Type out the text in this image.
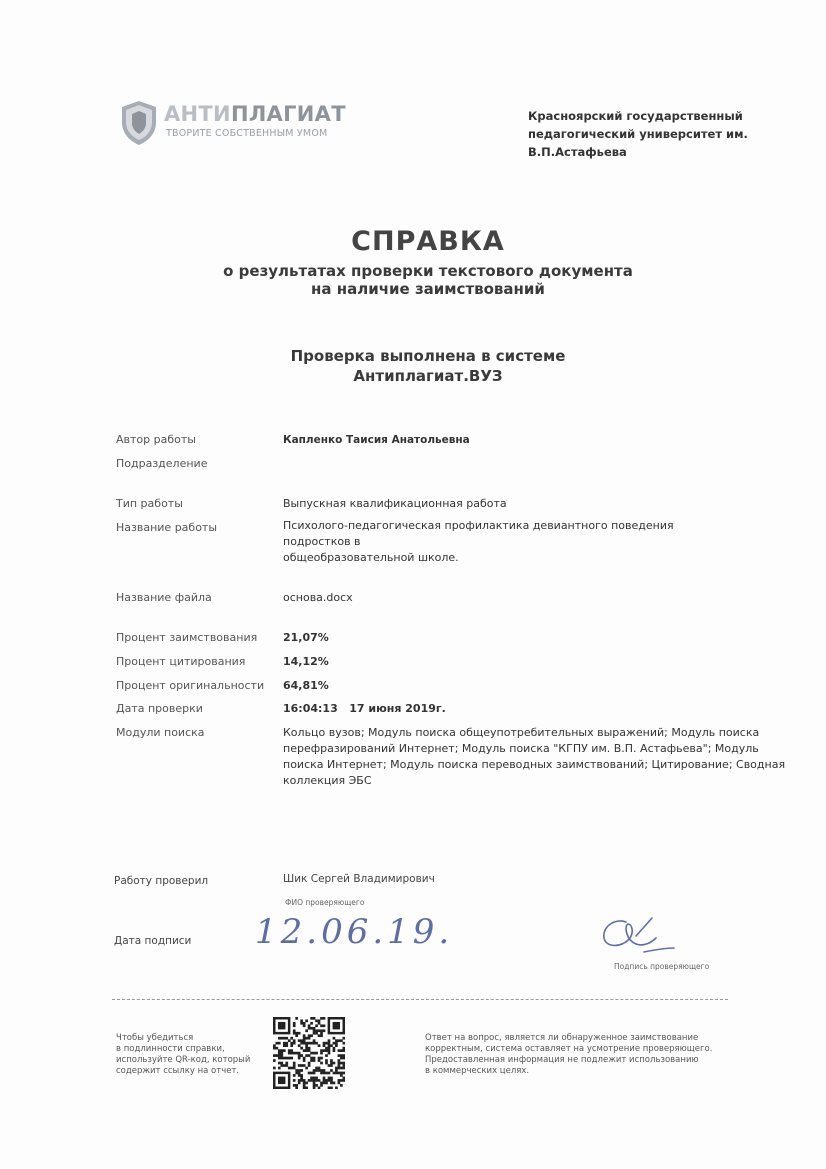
АНТИПЛАГИАТ
ТВОРИТЕ СОБСТВЕННЫМ УМОМ
Красноярский государственный
педагогический университет им.
В.П.Астафьева
СПРАВКА
о результатах проверки текстового документа
на наличие заимствований
Проверка выполнена в системе
Антиплагиат.ВУЗ
Автор работы	Капленко Таисия Анатольевна
Подразделение
Тип работы	Выпускная квалификационная работа
Название работы	Психолого-педагогическая профилактика девиантного поведения подростков в
общеобразовательной школе.
Название файла	основа.docx
Процент заимствования 21,07%
Процент цитирования	14,12%
Процент оригинальности 64,81%
Дата проверки	16:04:13 17 июня 2019г.
Модули поиска	Кольцо вузов; Модуль поиска общеупотребительных выражений; Модуль поиска
перефразирований Интернет; Модуль поиска "КГПУ им. В.П. Астафьева"; Модуль
поиска Интернет; Модуль поиска переводных заимствований; Цитирование; Сводная
коллекция ЭБС
Работу проверил	Шик Сергей Владимирович
ФИО проверяющего
Дата подписи 12.06.19.
Подпись проверяющего
Чтобы убедиться
в подлинности справки,
используйте QR-код, который
содержит ссылку на отчет.
Ответ на вопрос, является ли обнаруженное заимствование
корректным, система оставляет на усмотрение проверяющего.
Предоставленная информация не подлежит использованию
в коммерческих целях.
